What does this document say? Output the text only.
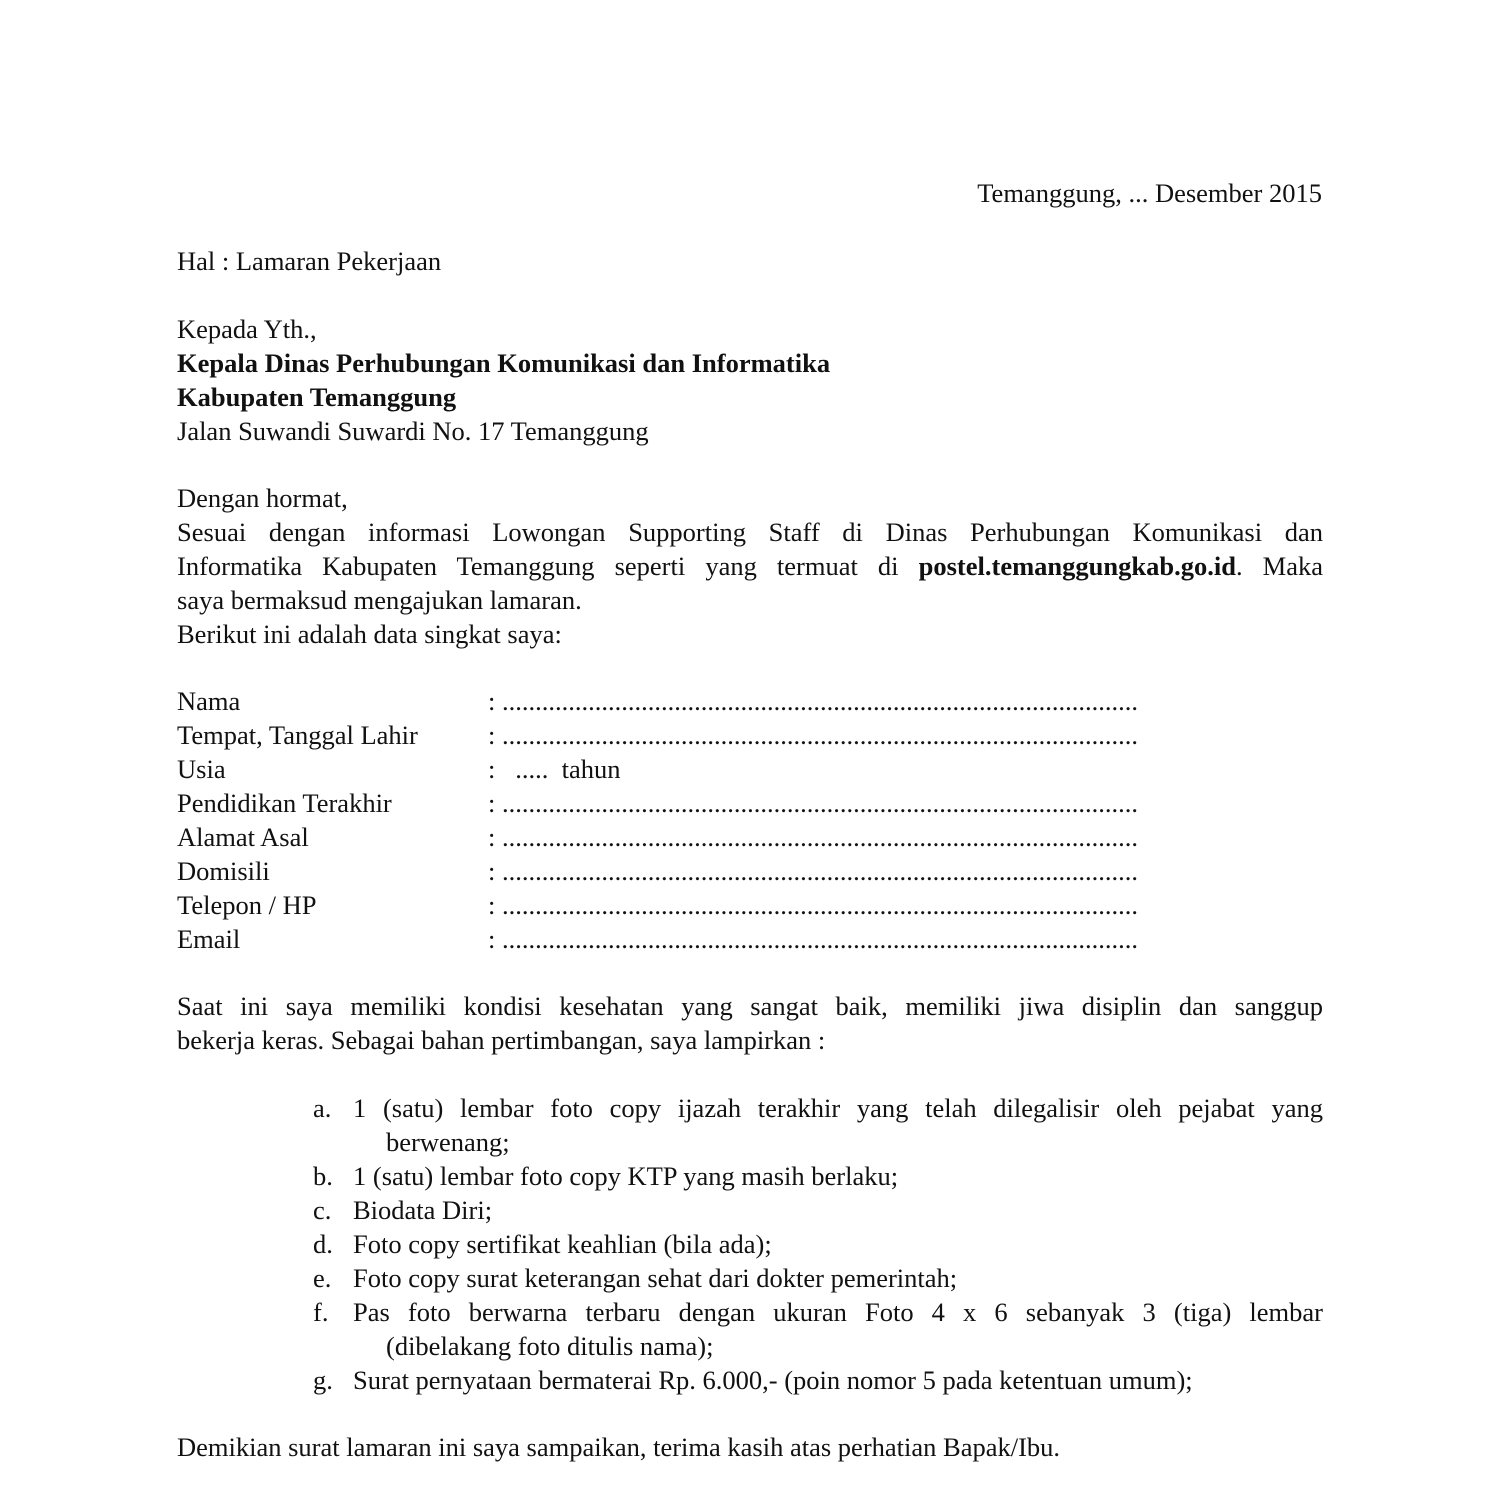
Temanggung, ... Desember 2015
Hal : Lamaran Pekerjaan
Kepada Yth.,
Kepala Dinas Perhubungan Komunikasi dan Informatika
Kabupaten Temanggung
Jalan Suwandi Suwardi No. 17 Temanggung
Dengan hormat,
Sesuai dengan informasi Lowongan Supporting Staff di Dinas Perhubungan Komunikasi dan
Informatika Kabupaten Temanggung seperti yang termuat di postel.temanggungkab.go.id. Maka
saya bermaksud mengajukan lamaran.
Berikut ini adalah data singkat saya:
Nama	: ................................................................................................
Tempat, Tanggal Lahir	: ................................................................................................
Usia	:   .....  tahun
Pendidikan Terakhir	: ................................................................................................
Alamat Asal	: ................................................................................................
Domisili	: ................................................................................................
Telepon / HP	: ................................................................................................
Email	: ................................................................................................
Saat ini saya memiliki kondisi kesehatan yang sangat baik, memiliki jiwa disiplin dan sanggup
bekerja keras. Sebagai bahan pertimbangan, saya lampirkan :
a. 1 (satu) lembar foto copy ijazah terakhir yang telah dilegalisir oleh pejabat yang
berwenang;
b. 1 (satu) lembar foto copy KTP yang masih berlaku;
c. Biodata Diri;
d. Foto copy sertifikat keahlian (bila ada);
e. Foto copy surat keterangan sehat dari dokter pemerintah;
f. Pas foto berwarna terbaru dengan ukuran Foto 4 x 6 sebanyak 3 (tiga) lembar
(dibelakang foto ditulis nama);
g. Surat pernyataan bermaterai Rp. 6.000,- (poin nomor 5 pada ketentuan umum);
Demikian surat lamaran ini saya sampaikan, terima kasih atas perhatian Bapak/Ibu.
